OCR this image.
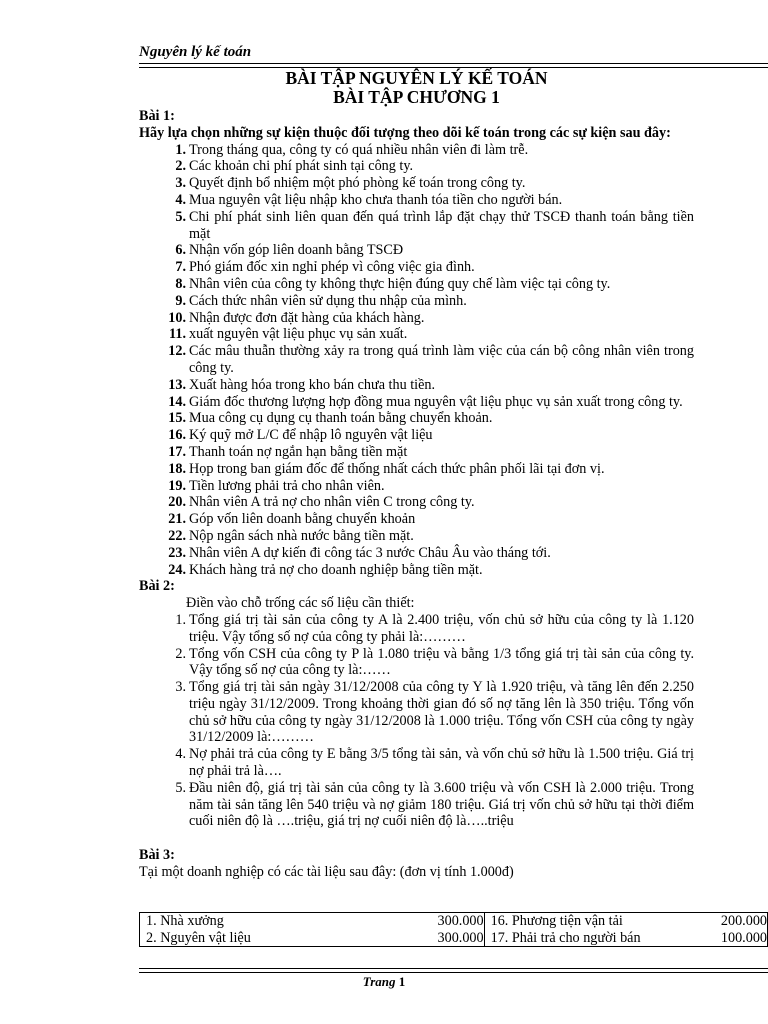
Nguyên lý kế toán
BÀI TẬP NGUYÊN LÝ KẾ TOÁN
BÀI TẬP CHƯƠNG 1
Bài 1:
Hãy lựa chọn những sự kiện thuộc đối tượng theo dõi kế toán trong các sự kiện sau đây:
1. Trong tháng qua, công ty có quá nhiều nhân viên đi làm trễ.
2. Các khoản chi phí phát sinh tại công ty.
3. Quyết định bổ nhiệm một phó phòng kế toán trong công ty.
4. Mua nguyên vật liệu nhập kho chưa thanh tóa tiền cho người bán.
5. Chi phí phát sinh liên quan đến quá trình lắp đặt chạy thử TSCĐ thanh toán bằng tiền mặt
6. Nhận vốn góp liên doanh bằng TSCĐ
7. Phó giám đốc xin nghỉ phép vì công việc gia đình.
8. Nhân viên của công ty không thực hiện đúng quy chế làm việc tại công ty.
9. Cách thức nhân viên sử dụng thu nhập của mình.
10. Nhận được đơn đặt hàng của khách hàng.
11. xuất nguyên vật liệu phục vụ sản xuất.
12. Các mâu thuẫn thường xảy ra trong quá trình làm việc của cán bộ công nhân viên trong công ty.
13. Xuất hàng hóa trong kho bán chưa thu tiền.
14. Giám đốc thương lượng hợp đồng mua nguyên vật liệu phục vụ sản xuất trong công ty.
15. Mua công cụ dụng cụ thanh toán bằng chuyển khoản.
16. Ký quỹ mở L/C để nhập lô nguyên vật liệu
17. Thanh toán nợ ngắn hạn bằng tiền mặt
18. Họp trong ban giám đốc để thống nhất cách thức phân phối lãi tại đơn vị.
19. Tiền lương phải trả cho nhân viên.
20. Nhân viên A trả nợ cho nhân viên C trong công ty.
21. Góp vốn liên doanh bằng chuyển khoản
22. Nộp ngân sách nhà nước bằng tiền mặt.
23. Nhân viên A dự kiến đi công tác 3 nước Châu Âu vào tháng tới.
24. Khách hàng trả nợ cho doanh nghiệp bằng tiền mặt.
Bài 2:
Điền vào chỗ trống các số liệu cần thiết:
1. Tổng giá trị tài sản của công ty A là 2.400 triệu, vốn chủ sở hữu của công ty là 1.120 triệu. Vậy tổng số nợ của công ty phải là:………
2. Tổng vốn CSH của công ty P là 1.080 triệu và bằng 1/3 tổng giá trị tài sản của công ty. Vậy tổng số nợ của công ty là:……
3. Tổng giá trị tài sản ngày 31/12/2008 của công ty Y là 1.920 triệu, và tăng lên đến 2.250 triệu ngày 31/12/2009. Trong khoảng thời gian đó số nợ tăng lên là 350 triệu. Tổng vốn chủ sở hữu của công ty ngày 31/12/2008 là 1.000 triệu. Tổng vốn CSH của công ty ngày 31/12/2009 là:………
4. Nợ phải trả của công ty E bằng 3/5 tổng tài sản, và vốn chủ sở hữu là 1.500 triệu. Giá trị nợ phải trả là….
5. Đầu niên độ, giá trị tài sản của công ty là 3.600 triệu và vốn CSH là 2.000 triệu. Trong năm tài sản tăng lên 540 triệu và nợ giảm 180 triệu. Giá trị vốn chủ sở hữu tại thời điểm cuối niên độ là ….triệu, giá trị nợ cuối niên độ là…..triệu
Bài 3:
Tại một doanh nghiệp có các tài liệu sau đây: (đơn vị tính 1.000đ)
1. Nhà xưởng	300.000	16. Phương tiện vận tải	200.000
2. Nguyên vật liệu	300.000	17. Phải trả cho người bán	100.000
Trang 1
